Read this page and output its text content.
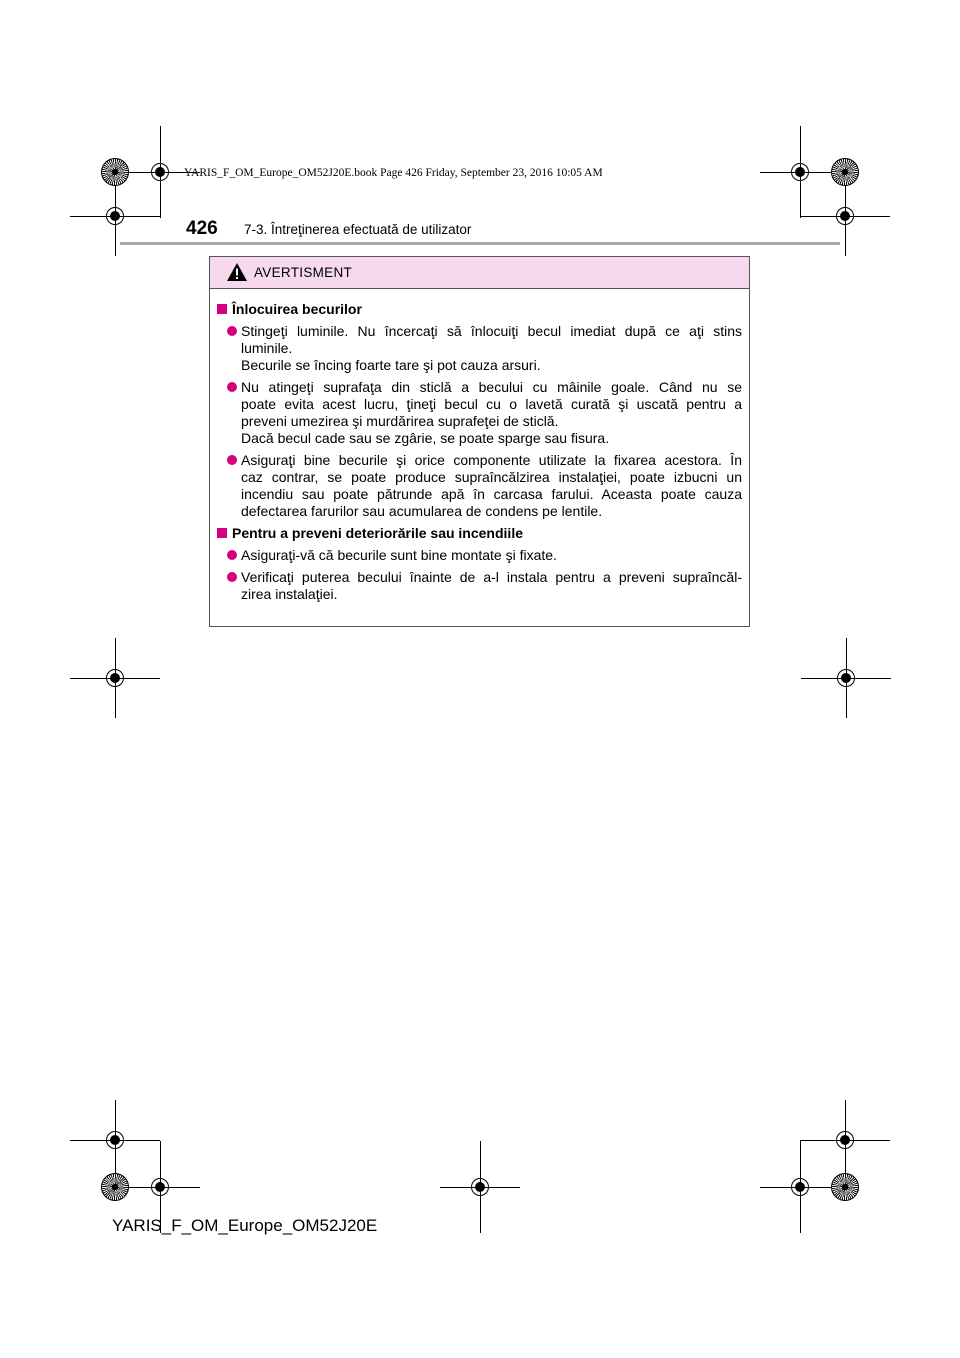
YARIS_F_OM_Europe_OM52J20E.book Page 426 Friday, September 23, 2016 10:05 AM
426 7-3. Întreţinerea efectuată de utilizator
AVERTISMENT
Înlocuirea becurilor
Stingeţi luminile. Nu încercaţi să înlocuiţi becul imediat după ce aţi stins
luminile.
Becurile se încing foarte tare şi pot cauza arsuri.
Nu atingeţi suprafaţa din sticlă a becului cu mâinile goale. Când nu se
poate evita acest lucru, ţineţi becul cu o lavetă curată şi uscată pentru a
preveni umezirea şi murdărirea suprafeţei de sticlă.
Dacă becul cade sau se zgârie, se poate sparge sau fisura.
Asiguraţi bine becurile şi orice componente utilizate la fixarea acestora. În
caz contrar, se poate produce supraîncălzirea instalaţiei, poate izbucni un
incendiu sau poate pătrunde apă în carcasa farului. Aceasta poate cauza
defectarea farurilor sau acumularea de condens pe lentile.
Pentru a preveni deteriorările sau incendiile
Asiguraţi-vă că becurile sunt bine montate şi fixate.
Verificaţi puterea becului înainte de a-l instala pentru a preveni supraîncăl-
zirea instalaţiei.
YARIS_F_OM_Europe_OM52J20E
